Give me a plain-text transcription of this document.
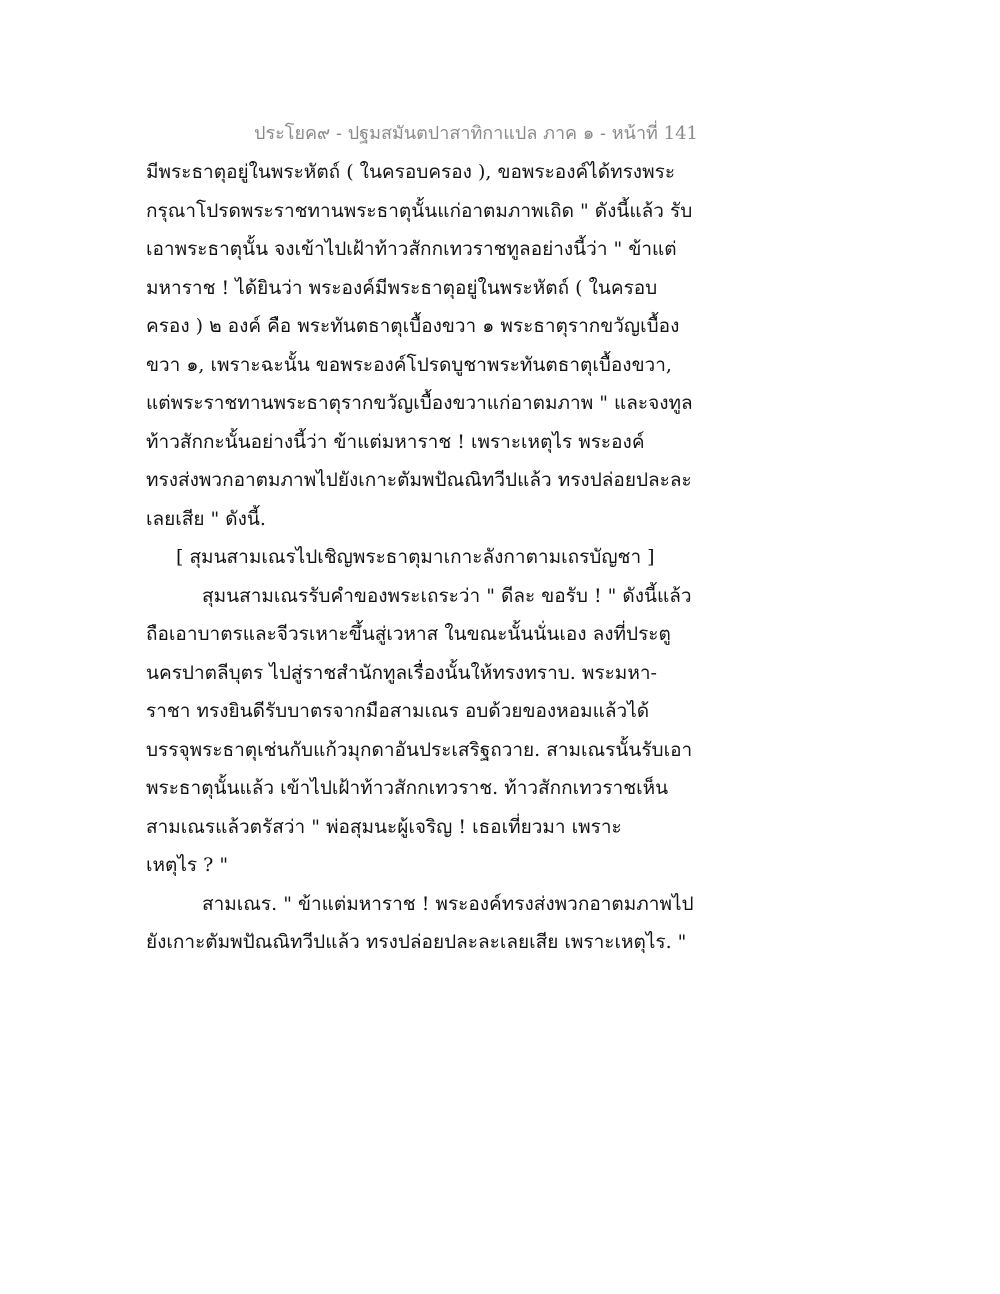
ประโยค๙ - ปฐมสมันตปาสาทิกาแปล ภาค ๑ - หน้าที่ 141
มีพระธาตุอยู่ในพระหัตถ์ ( ในครอบครอง ), ขอพระองค์ได้ทรงพระ
กรุณาโปรดพระราชทานพระธาตุนั้นแก่อาตมภาพเถิด " ดังนี้แล้ว รับ
เอาพระธาตุนั้น จงเข้าไปเฝ้าท้าวสักกเทวราชทูลอย่างนี้ว่า " ข้าแต่
มหาราช ! ได้ยินว่า พระองค์มีพระธาตุอยู่ในพระหัตถ์ ( ในครอบ
ครอง ) ๒ องค์ คือ พระทันตธาตุเบื้องขวา ๑ พระธาตุรากขวัญเบื้อง
ขวา ๑, เพราะฉะนั้น ขอพระองค์โปรดบูชาพระทันตธาตุเบื้องขวา,
แต่พระราชทานพระธาตุรากขวัญเบื้องขวาแก่อาตมภาพ " และจงทูล
ท้าวสักกะนั้นอย่างนี้ว่า ข้าแต่มหาราช ! เพราะเหตุไร พระองค์
ทรงส่งพวกอาตมภาพไปยังเกาะตัมพปัณณิทวีปแล้ว ทรงปล่อยปละละ
เลยเสีย " ดังนี้.
[ สุมนสามเณรไปเชิญพระธาตุมาเกาะลังกาตามเถรบัญชา ]
สุมนสามเณรรับคำของพระเถระว่า " ดีละ ขอรับ ! " ดังนี้แล้ว
ถือเอาบาตรและจีวรเหาะขึ้นสู่เวหาส ในขณะนั้นนั่นเอง ลงที่ประตู
นครปาตลีบุตร ไปสู่ราชสำนักทูลเรื่องนั้นให้ทรงทราบ. พระมหา-
ราชา ทรงยินดีรับบาตรจากมือสามเณร อบด้วยของหอมแล้วได้
บรรจุพระธาตุเช่นกับแก้วมุกดาอันประเสริฐถวาย. สามเณรนั้นรับเอา
พระธาตุนั้นแล้ว เข้าไปเฝ้าท้าวสักกเทวราช. ท้าวสักกเทวราชเห็น
สามเณรแล้วตรัสว่า " พ่อสุมนะผู้เจริญ ! เธอเที่ยวมา เพราะ
เหตุไร ? "
สามเณร. " ข้าแต่มหาราช ! พระองค์ทรงส่งพวกอาตมภาพไป
ยังเกาะตัมพปัณณิทวีปแล้ว ทรงปล่อยปละละเลยเสีย เพราะเหตุไร. "
